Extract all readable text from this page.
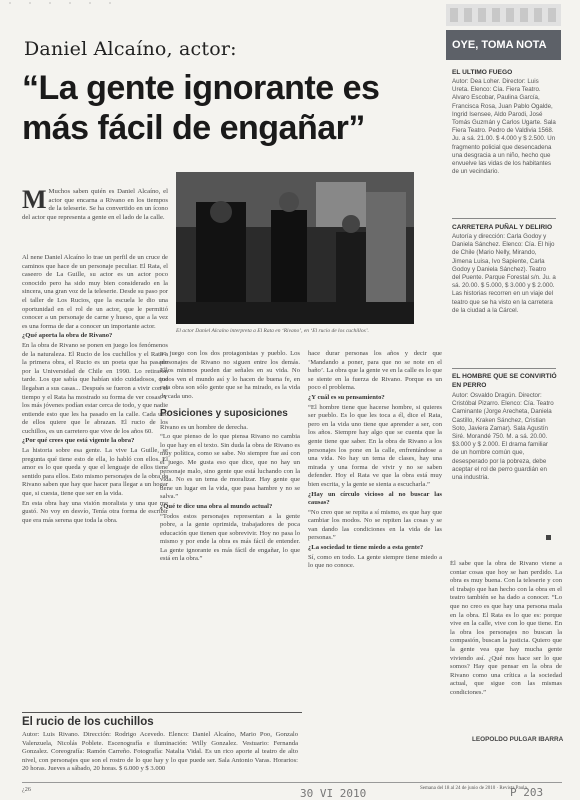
Daniel Alcaíno, actor:
“La gente ignorante es más fácil de engañar”
M Muchos saben quién es Daniel Alcaíno, el actor que encarna a Rivano en los tiempos de la teleserie. Se ha convertido en un ícono del actor que representa a gente en el lado de la calle.

Al nene Daniel Alcaíno lo trae un perfil de un cruce de caminos que hace de un personaje peculiar. El Rata, el caseero de La Guille, su actor es un actor poco conocido pero ha sido muy bien considerado en la sincera, una gran voz de la teleserie. Desde su paso por el taller de Los Rucios, que la escuela le dio una oportunidad en el rol de un actor, que le permitió conocer a un personaje de carne y hueso, que a la vez es una forma de dar a conocer un importante actor.

¿Qué aporta la obra de Rivano?

En la obra de Rivano se ponen en juego los fenómenos de la naturaleza. El Rucio de los cuchillos y el Rata a la primera obra, el Rucio es un poeta que ha pasado por la Universidad de Chile en 1990. Lo retiraron tarde. Los que sabía que habían sido cuidadosos, que llegaban a sus casas... Después se fueron a vivir con el tiempo y el Rata ha mostrado su forma de ver cosas. Y los más jóvenes podían estar cerca de todo, y que nadie entiende esto que les ha pasado en la calle. Cada uno de ellos quiere que le abrazan. El rucio de los cuchillos, es un carretero que vive de los años 60.

¿Por qué crees que está vigente la obra?

La historia sobre esa gente. La vive La Guille, se pregunta qué tiene esto de ella, lo habló con ellos. El amor es lo que queda y que el lenguaje de ellos tiene sentido para ellos. Esto mismo personajes de la obra de Rivano saben que hay que hacer para llegar a un hogar que, si cuesta, tiene que ser en la vida.

En esta obra hay una visión moralista y una que me gustó. No voy en desvío, Tenía otra forma de escribir que era más serena que toda la obra.

El actor Daniel Alcaíno interpreta a El Rata en ‘Rivano’, en ‘El rucio de los cuchillos’.

no juego con los dos protagonistas y pueblo. Los personajes de Rivano no siguen entre los demás. Ellos mismos pueden dar señales en su vida. No todos ven el mundo así y lo hacen de buena fe, en esta obra son sólo gente que se ha mirado, es la vida de cada uno.

Posiciones y suposiciones

Rivano es un hombre de derecha.

“Lo que pienso de lo que piensa Rivano no cambia lo que hay en el texto. Sin duda la obra de Rivano es muy política, como se sabe. No siempre fue así con el juego. Me gusta eso que dice, que no hay un personaje malo, sino gente que está luchando con la vida. No es un tema de moralizar. Hay gente que tiene un lugar en la vida, que pasa hambre y no se salva.”

¿Qué te dice una obra al mundo actual?

“Todos estos personajes representan a la gente pobre, a la gente oprimida, trabajadores de poca educación que tienen que sobrevivir. Hoy no pasa lo mismo y por ende la obra es más fácil de entender. La gente ignorante es más fácil de engañar, lo que está en la obra.”

hace durar personas los años y decir que ‘Mandando a poner, para que no se note en el baño’. La obra que la gente ve en la calle es lo que se siente en la fuerza de Rivano. Porque es un poco el problema.

¿Y cuál es su pensamiento?

“El hombre tiene que hacerse hombre, si quieres ser pueblo. Es lo que les toca a él, dice el Rata, pero en la vida uno tiene que aprender a ser, con los años. Siempre hay algo que se cuenta que la gente tiene que saber. En la obra de Rivano a los personajes los pone en la calle, enfrentándose a una vida. No hay un tema de clases, hay una mirada y una forma de vivir y no se saben defender. Hoy el Rata ve que la obra está muy bien escrita, y la gente se sienta a escucharla.”

¿Hay un círculo vicioso al no buscar las causas?

“No creo que se repita a sí mismo, es que hay que cambiar los modos. No se repiten las cosas y se van dando las condiciones en la vida de las personas.”

¿La sociedad te tiene miedo a esta gente?

Sí, como en todo. La gente siempre tiene miedo a lo que no conoce.	Él sabe que la obra de Rivano viene a contar cosas que hoy se han perdido. La obra es muy buena. Con la teleserie y con el trabajo que han hecho con la obra en el teatro también se ha dado a conocer. “Lo que no creo es que hay una persona mala en la obra. El Rata es lo que es: porque vive en la calle, vive con lo que tiene. En la obra los personajes no buscan la compasión, buscan la justicia. Quiero que la gente vea que hay mucha gente viviendo así. ¿Qué nos hace ser lo que somos? Hay que pensar en la obra de Rivano como una crítica a la sociedad actual, que sigue con las mismas condiciones.”

LEOPOLDO PULGAR IBARRA
El rucio de los cuchillos

Autor: Luis Rivano. Dirección: Rodrigo Acevedo. Elenco: Daniel Alcaíno, Mario Poo, Gonzalo Valenzuela, Nicolás Poblete. Escenografía e iluminación: Willy Gonzalez. Vestuario: Fernanda Gonzalez. Coreografía: Ramón Carreño. Fotografía: Natalia Vidal. Es un rico aporte al teatro de alto nivel, con personajes que son el rostro de lo que hay y lo que puede ser. Sala Antonio Varas. Horarios: 20 horas. Jueves a sábado, 20 horas. $ 6.000 y $ 3.000

OYE, TOMA NOTA
EL ULTIMO FUEGO
Autor: Dea Loher. Director: Luis Ureta. Elenco: Cía. Fiera Teatro. Alvaro Escobar, Paulina García, Francisca Rosa, Juan Pablo Ogalde, Ingrid Isensee, Aldo Parodi, José Tomás Guzmán y Carlos Ugarte. Sala Fiera Teatro. Pedro de Valdivia 1568. Ju. a sá. 21.00. $ 4.000 y $ 2.500. Un fragmento policial que desencadena una desgracia a un niño, hecho que envuelve las vidas de los habitantes de un vecindario.
CARRETERA PUÑAL Y DELIRIO
Autoría y dirección: Carla Godoy y Daniela Sánchez. Elenco: Cía. El hijo de Chile (Mario Nelly, Mirando, Jimena Luisa, Ivo Sapiente, Carla Godoy y Daniela Sánchez). Teatro del Puente. Parque Forestal s/n. Ju. a sá. 20.00. $ 5.000, $ 3.000 y $ 2.000. Las historias recorren en un viaje del teatro que se ha visto en la carretera de la ciudad a la Cárcel.
EL HOMBRE QUE SE CONVIRTIÓ EN PERRO
Autor: Osvaldo Dragún. Director: Cristóbal Pizarro. Elenco: Cía. Teatro Caminante (Jorge Arecheta, Daniela Castillo, Kraken Sánchez, Cristian Soto, Javiera Zamar). Sala Agustín Siré. Morandé 750. M. a sá. 20.00. $3.000 y $ 2.000. El drama familiar de un hombre común que, desesperado por la pobreza, debe aceptar el rol de perro guardián en una industria.
¿26	Semana del 18 al 24 de junio de 2010 · Revista Paula
30 VI 2010	P 203
